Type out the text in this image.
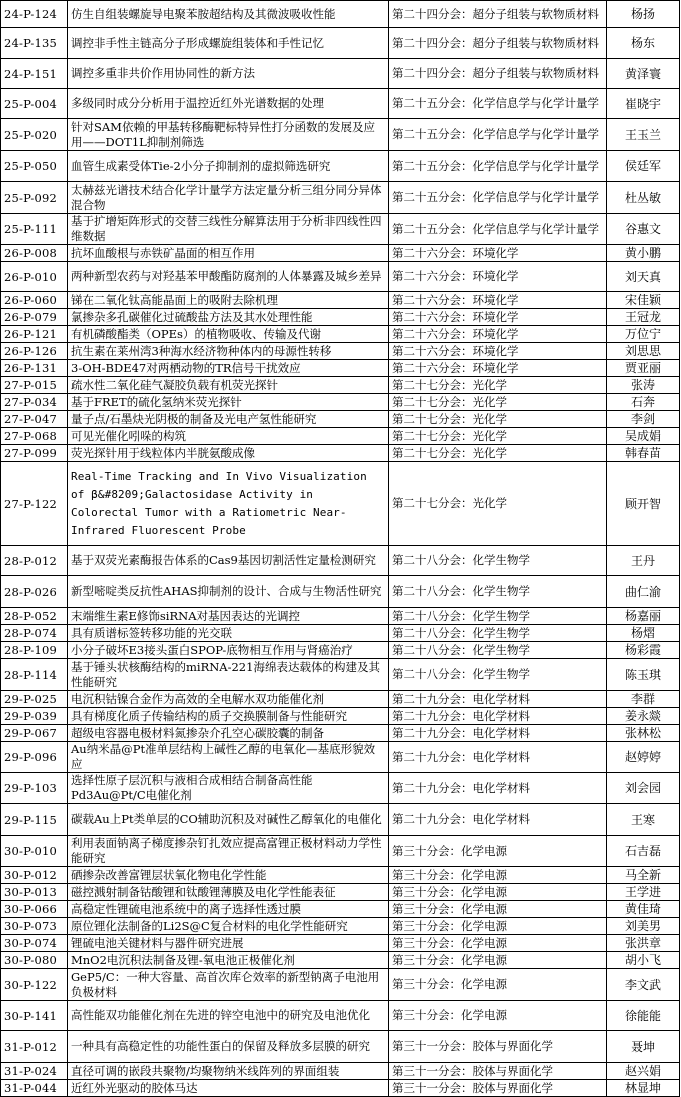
24-P-124	仿生自组装螺旋导电聚苯胺超结构及其微波吸收性能	第二十四分会：超分子组装与软物质材料	杨扬
24-P-135	调控非手性主链高分子形成螺旋组装体和手性记忆	第二十四分会：超分子组装与软物质材料	杨东
24-P-151	调控多重非共价作用协同性的新方法	第二十四分会：超分子组装与软物质材料	黄泽寰
25-P-004	多级同时成分分析用于温控近红外光谱数据的处理	第二十五分会：化学信息学与化学计量学	崔晓宇
25-P-020	针对SAM依赖的甲基转移酶靶标特异性打分函数的发展及应用——DOT1L抑制剂筛选	第二十五分会：化学信息学与化学计量学	王玉兰
25-P-050	血管生成素受体Tie-2小分子抑制剂的虚拟筛选研究	第二十五分会：化学信息学与化学计量学	侯廷军
25-P-092	太赫兹光谱技术结合化学计量学方法定量分析三组分同分异体混合物	第二十五分会：化学信息学与化学计量学	杜丛敏
25-P-111	基于扩增矩阵形式的交替三线性分解算法用于分析非四线性四维数据	第二十五分会：化学信息学与化学计量学	谷惠文
26-P-008	抗坏血酸根与赤铁矿晶面的相互作用	第二十六分会：环境化学	黄小鹏
26-P-010	两种新型农药与对羟基苯甲酸酯防腐剂的人体暴露及城乡差异	第二十六分会：环境化学	刘天真
26-P-060	锑在二氧化钛高能晶面上的吸附去除机理	第二十六分会：环境化学	宋佳颖
26-P-079	氯掺杂多孔碳催化过硫酸盐方法及其水处理性能	第二十六分会：环境化学	王冠龙
26-P-121	有机磷酸酯类（OPEs）的植物吸收、传输及代谢	第二十六分会：环境化学	万位宁
26-P-126	抗生素在莱州湾3种海水经济物种体内的母源性转移	第二十六分会：环境化学	刘思思
26-P-131	3-OH-BDE47对两栖动物的TR信号干扰效应	第二十六分会：环境化学	贾亚丽
27-P-015	疏水性二氧化硅气凝胶负载有机荧光探针	第二十七分会：光化学	张涛
27-P-034	基于FRET的硫化氢纳米荧光探针	第二十七分会：光化学	石奔
27-P-047	量子点/石墨炔光阴极的制备及光电产氢性能研究	第二十七分会：光化学	李剑
27-P-068	可见光催化吲哚的构筑	第二十七分会：光化学	吴成娟
27-P-099	荧光探针用于线粒体内半胱氨酸成像	第二十七分会：光化学	韩春苗
27-P-122	Real-Time Tracking and In Vivo Visualization of β&#8209;Galactosidase Activity in Colorectal Tumor with a Ratiometric Near-Infrared Fluorescent Probe	第二十七分会：光化学	顾开智
28-P-012	基于双荧光素酶报告体系的Cas9基因切割活性定量检测研究	第二十八分会：化学生物学	王丹
28-P-026	新型嘧啶类反抗性AHAS抑制剂的设计、合成与生物活性研究	第二十八分会：化学生物学	曲仁渝
28-P-052	末端维生素E修饰siRNA对基因表达的光调控	第二十八分会：化学生物学	杨嘉丽
28-P-074	具有质谱标签转移功能的光交联	第二十八分会：化学生物学	杨熠
28-P-109	小分子破坏E3接头蛋白SPOP-底物相互作用与肾癌治疗	第二十八分会：化学生物学	杨彩霞
28-P-114	基于锤头状核酶结构的miRNA-221海绵表达载体的构建及其性能研究	第二十八分会：化学生物学	陈玉琪
29-P-025	电沉积钴镍合金作为高效的全电解水双功能催化剂	第二十九分会：电化学材料	李群
29-P-039	具有梯度化质子传输结构的质子交换膜制备与性能研究	第二十九分会：电化学材料	姜永燚
29-P-067	超级电容器电极材料氮掺杂介孔空心碳胶囊的制备	第二十九分会：电化学材料	张林松
29-P-096	Au纳米晶@Pt准单层结构上碱性乙醇的电氧化—基底形貌效应	第二十九分会：电化学材料	赵婷婷
29-P-103	选择性原子层沉积与液相合成相结合制备高性能Pd3Au@Pt/C电催化剂	第二十九分会：电化学材料	刘会园
29-P-115	碳载Au上Pt类单层的CO辅助沉积及对碱性乙醇氧化的电催化	第二十九分会：电化学材料	王寒
30-P-010	利用表面钠离子梯度掺杂钉扎效应提高富锂正极材料动力学性能研究	第三十分会：化学电源	石吉磊
30-P-012	硒掺杂改善富锂层状氧化物电化学性能	第三十分会：化学电源	马全新
30-P-013	磁控溅射制备钴酸锂和钛酸锂薄膜及电化学性能表征	第三十分会：化学电源	王学进
30-P-066	高稳定性锂硫电池系统中的离子选择性透过膜	第三十分会：化学电源	黄佳琦
30-P-073	原位锂化法制备的Li2S@C复合材料的电化学性能研究	第三十分会：化学电源	刘美男
30-P-074	锂硫电池关键材料与器件研究进展	第三十分会：化学电源	张洪章
30-P-080	MnO2电沉积法制备及锂-氧电池正极催化剂	第三十分会：化学电源	胡小飞
30-P-122	GeP5/C：一种大容量、高首次库仑效率的新型钠离子电池用负极材料	第三十分会：化学电源	李文武
30-P-141	高性能双功能催化剂在先进的锌空电池中的研究及电池优化	第三十分会：化学电源	徐能能
31-P-012	一种具有高稳定性的功能性蛋白的保留及释放多层膜的研究	第三十一分会：胶体与界面化学	聂坤
31-P-024	直径可调的嵌段共聚物/均聚物纳米线阵列的界面组装	第三十一分会：胶体与界面化学	赵兴娟
31-P-044	近红外光驱动的胶体马达	第三十一分会：胶体与界面化学	林显坤
